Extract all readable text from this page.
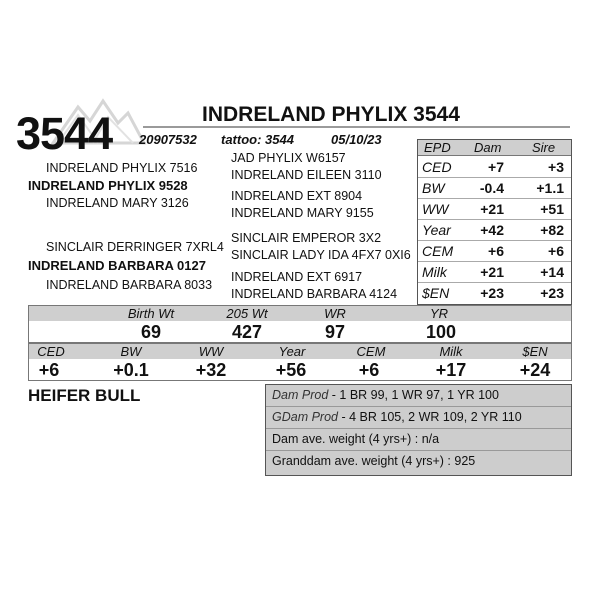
3544	INDRELAND PHYLIX 3544
20907532 tattoo: 3544	05/10/23
INDRELAND PHYLIX 7516
INDRELAND PHYLIX 9528
INDRELAND MARY 3126
JAD PHYLIX W6157
INDRELAND EILEEN 3110
INDRELAND EXT 8904
INDRELAND MARY 9155
SINCLAIR DERRINGER 7XRL4
INDRELAND BARBARA 0127
INDRELAND BARBARA 8033
SINCLAIR EMPEROR 3X2
SINCLAIR LADY IDA 4FX7 0XI6
INDRELAND EXT 6917
INDRELAND BARBARA 4124
EPD Dam Sire
CED	+7	+3
BW	-0.4	+1.1
WW	+21	+51
Year	+42	+82
CEM	+6	+6
Milk	+21	+14
$EN	+23	+23
Birth Wt	205 Wt	WR	YR
69	427	97	100
CED	BW	WW	Year	CEM	Milk	$EN
+6	+0.1	+32	+56	+6	+17	+24
HEIFER BULL	Dam Prod - 1 BR 99, 1 WR 97, 1 YR 100
GDam Prod - 4 BR 105, 2 WR 109, 2 YR 110
Dam ave. weight (4 yrs+) : n/a
Granddam ave. weight (4 yrs+) : 925
